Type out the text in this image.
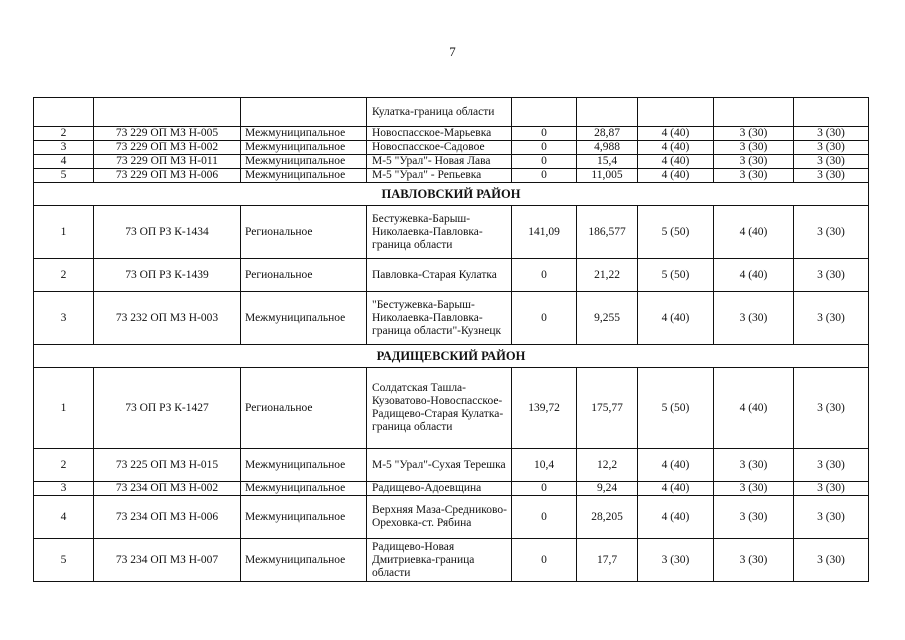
7
			Кулатка-граница области					
2	73 229 ОП МЗ Н-005	Межмуниципальное	Новоспасское-Марьевка	0	28,87	4 (40)	3 (30)	3 (30)
3	73 229 ОП МЗ Н-002	Межмуниципальное	Новоспасское-Садовое	0	4,988	4 (40)	3 (30)	3 (30)
4	73 229 ОП МЗ Н-011	Межмуниципальное	М-5 "Урал"- Новая Лава	0	15,4	4 (40)	3 (30)	3 (30)
5	73 229 ОП МЗ Н-006	Межмуниципальное	М-5 "Урал" - Репьевка	0	11,005	4 (40)	3 (30)	3 (30)
ПАВЛОВСКИЙ РАЙОН								
1	73 ОП РЗ К-1434	Региональное	Бестужевка-Барыш-Николаевка-Павловка-граница области	141,09	186,577	5 (50)	4 (40)	3 (30)
2	73 ОП РЗ К-1439	Региональное	Павловка-Старая Кулатка	0	21,22	5 (50)	4 (40)	3 (30)
3	73 232 ОП МЗ Н-003	Межмуниципальное	"Бестужевка-Барыш-Николаевка-Павловка-граница области"-Кузнецк	0	9,255	4 (40)	3 (30)	3 (30)
РАДИЩЕВСКИЙ РАЙОН								
1	73 ОП РЗ К-1427	Региональное	Солдатская Ташла-Кузоватово-Новоспасское-Радищево-Старая Кулатка-граница области	139,72	175,77	5 (50)	4 (40)	3 (30)
2	73 225 ОП МЗ Н-015	Межмуниципальное	М-5 "Урал"-Сухая Терешка	10,4	12,2	4 (40)	3 (30)	3 (30)
3	73 234 ОП МЗ Н-002	Межмуниципальное	Радищево-Адоевщина	0	9,24	4 (40)	3 (30)	3 (30)
4	73 234 ОП МЗ Н-006	Межмуниципальное	Верхняя Маза-Средниково-Ореховка-ст. Рябина	0	28,205	4 (40)	3 (30)	3 (30)
5	73 234 ОП МЗ Н-007	Межмуниципальное	Радищево-Новая Дмитриевка-граница области	0	17,7	3 (30)	3 (30)	3 (30)
